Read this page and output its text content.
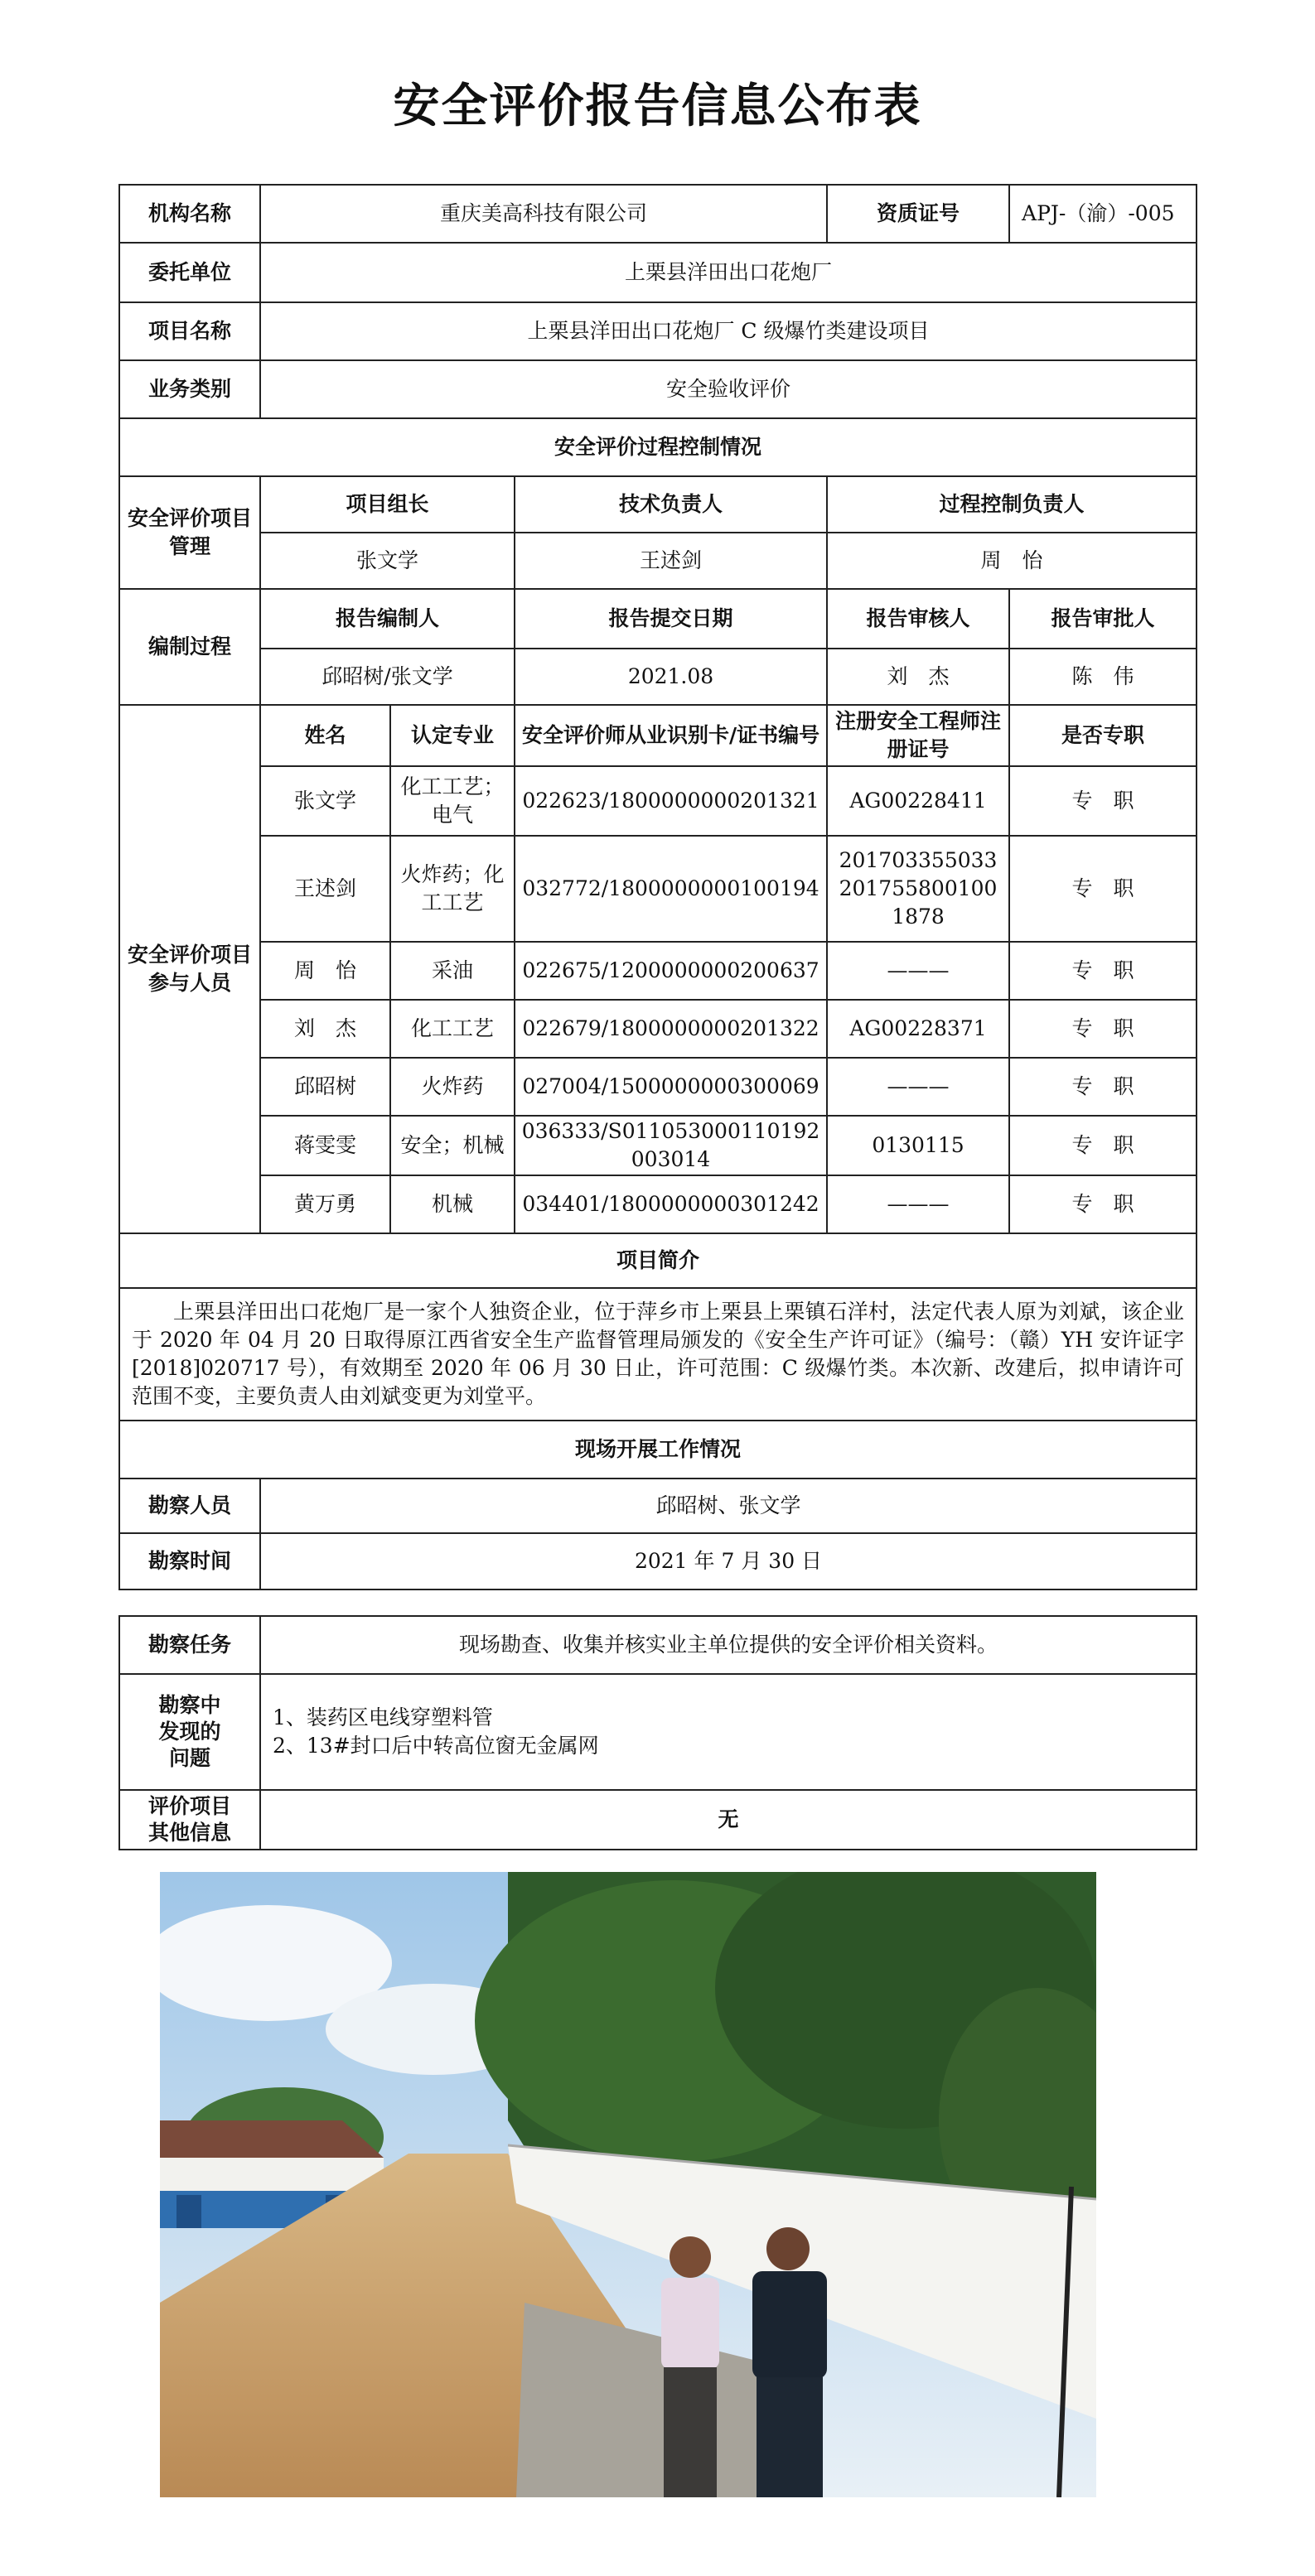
安全评价报告信息公布表
机构名称	重庆美高科技有限公司			资质证号	APJ-（渝）-005
委托单位	上栗县洋田出口花炮厂				
项目名称	上栗县洋田出口花炮厂 C 级爆竹类建设项目				
业务类别	安全验收评价				
安全评价过程控制情况					
安全评价项目管理	项目组长		技术负责人	过程控制负责人	
	张文学		王述剑	周　怡	
编制过程	报告编制人		报告提交日期	报告审核人	报告审批人
	邱昭树/张文学		2021.08	刘　杰	陈　伟
安全评价项目参与人员	姓名	认定专业	安全评价师从业识别卡/证书编号	注册安全工程师注册证号	是否专职
	张文学	化工工艺；电气	022623/1800000000201321	AG00228411	专　职
	王述剑	火炸药；化工工艺	032772/1800000000100194	201703355033201755800100 1878	专　职
	周　怡	采油	022675/1200000000200637	———	专　职
	刘　杰	化工工艺	022679/1800000000201322	AG00228371	专　职
	邱昭树	火炸药	027004/1500000000300069	———	专　职
	蒋雯雯	安全；机械	036333/S011053000110192003014	0130115	专　职
	黄万勇	机械	034401/1800000000301242	———	专　职
项目简介					
上栗县洋田出口花炮厂是一家个人独资企业，位于萍乡市上栗县上栗镇石洋村，法定代表人原为刘斌，该企业于 2020 年 04 月 20 日取得原江西省安全生产监督管理局颁发的《安全生产许可证》（编号：（赣）YH 安许证字[2018]020717 号），有效期至 2020 年 06 月 30 日止，许可范围：C 级爆竹类。本次新、改建后，拟申请许可范围不变，主要负责人由刘斌变更为刘堂平。					
现场开展工作情况					
勘察人员	邱昭树、张文学				
勘察时间	2021 年 7 月 30 日				
勘察任务	现场勘查、收集并核实业主单位提供的安全评价相关资料。
勘察中发现的问题	1、装药区电线穿塑料管
2、13#封口后中转高位窗无金属网

评价项目其他信息	无
